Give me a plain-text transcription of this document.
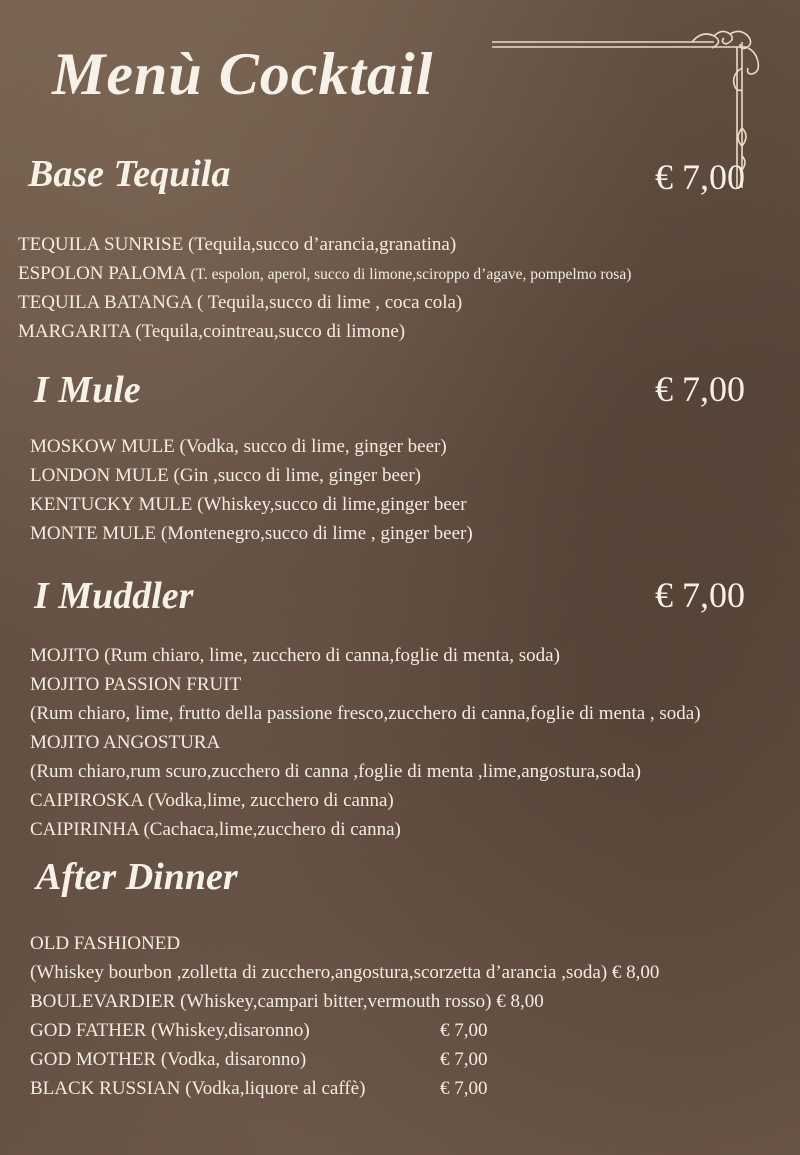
Menù Cocktail
Base Tequila	€ 7,00
TEQUILA SUNRISE (Tequila,succo d’arancia,granatina)
ESPOLON PALOMA (T. espolon, aperol, succo di limone,sciroppo d’agave, pompelmo rosa)
TEQUILA BATANGA ( Tequila,succo di lime , coca cola)
MARGARITA (Tequila,cointreau,succo di limone)
I Mule	€ 7,00
MOSKOW MULE (Vodka, succo di lime, ginger beer)
LONDON MULE (Gin ,succo di lime, ginger beer)
KENTUCKY MULE (Whiskey,succo di lime,ginger beer
MONTE MULE (Montenegro,succo di lime , ginger beer)
I Muddler	€ 7,00
MOJITO (Rum chiaro, lime, zucchero di canna,foglie di menta, soda)
MOJITO PASSION FRUIT
(Rum chiaro, lime, frutto della passione fresco,zucchero di canna,foglie di menta , soda)
MOJITO ANGOSTURA
(Rum chiaro,rum scuro,zucchero di canna ,foglie di menta ,lime,angostura,soda)
CAIPIROSKA (Vodka,lime, zucchero di canna)
CAIPIRINHA (Cachaca,lime,zucchero di canna)
After Dinner
OLD FASHIONED
(Whiskey bourbon ,zolletta di zucchero,angostura,scorzetta d’arancia ,soda) € 8,00
BOULEVARDIER (Whiskey,campari bitter,vermouth rosso) € 8,00
GOD FATHER (Whiskey,disaronno)	€ 7,00
GOD MOTHER (Vodka, disaronno)	€ 7,00
BLACK RUSSIAN (Vodka,liquore al caffè)	€ 7,00
